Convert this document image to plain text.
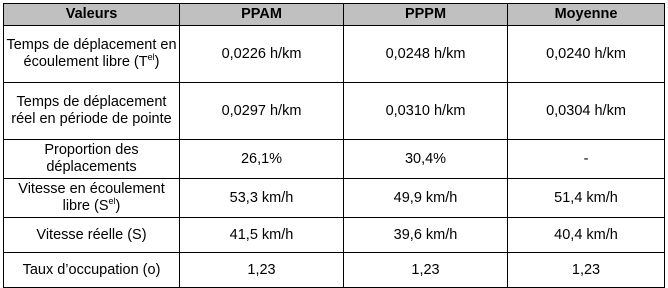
Valeurs	PPAM	PPPM	Moyenne
Temps de déplacement en écoulement libre $(T^{el})$	0,0226 h/km	0,0248 h/km	0,0240 h/km
Temps de déplacement réel en période de pointe	0,0297 h/km	0,0310 h/km	0,0304 h/km
Proportion des déplacements	26,1%	30,4%	-
Vitesse en écoulement libre $(S^{el})$	53,3 km/h	49,9 km/h	51,4 km/h
Vitesse réelle (S)	41,5 km/h	39,6 km/h	40,4 km/h
Taux d’occupation (o)	1,23	1,23	1,23
